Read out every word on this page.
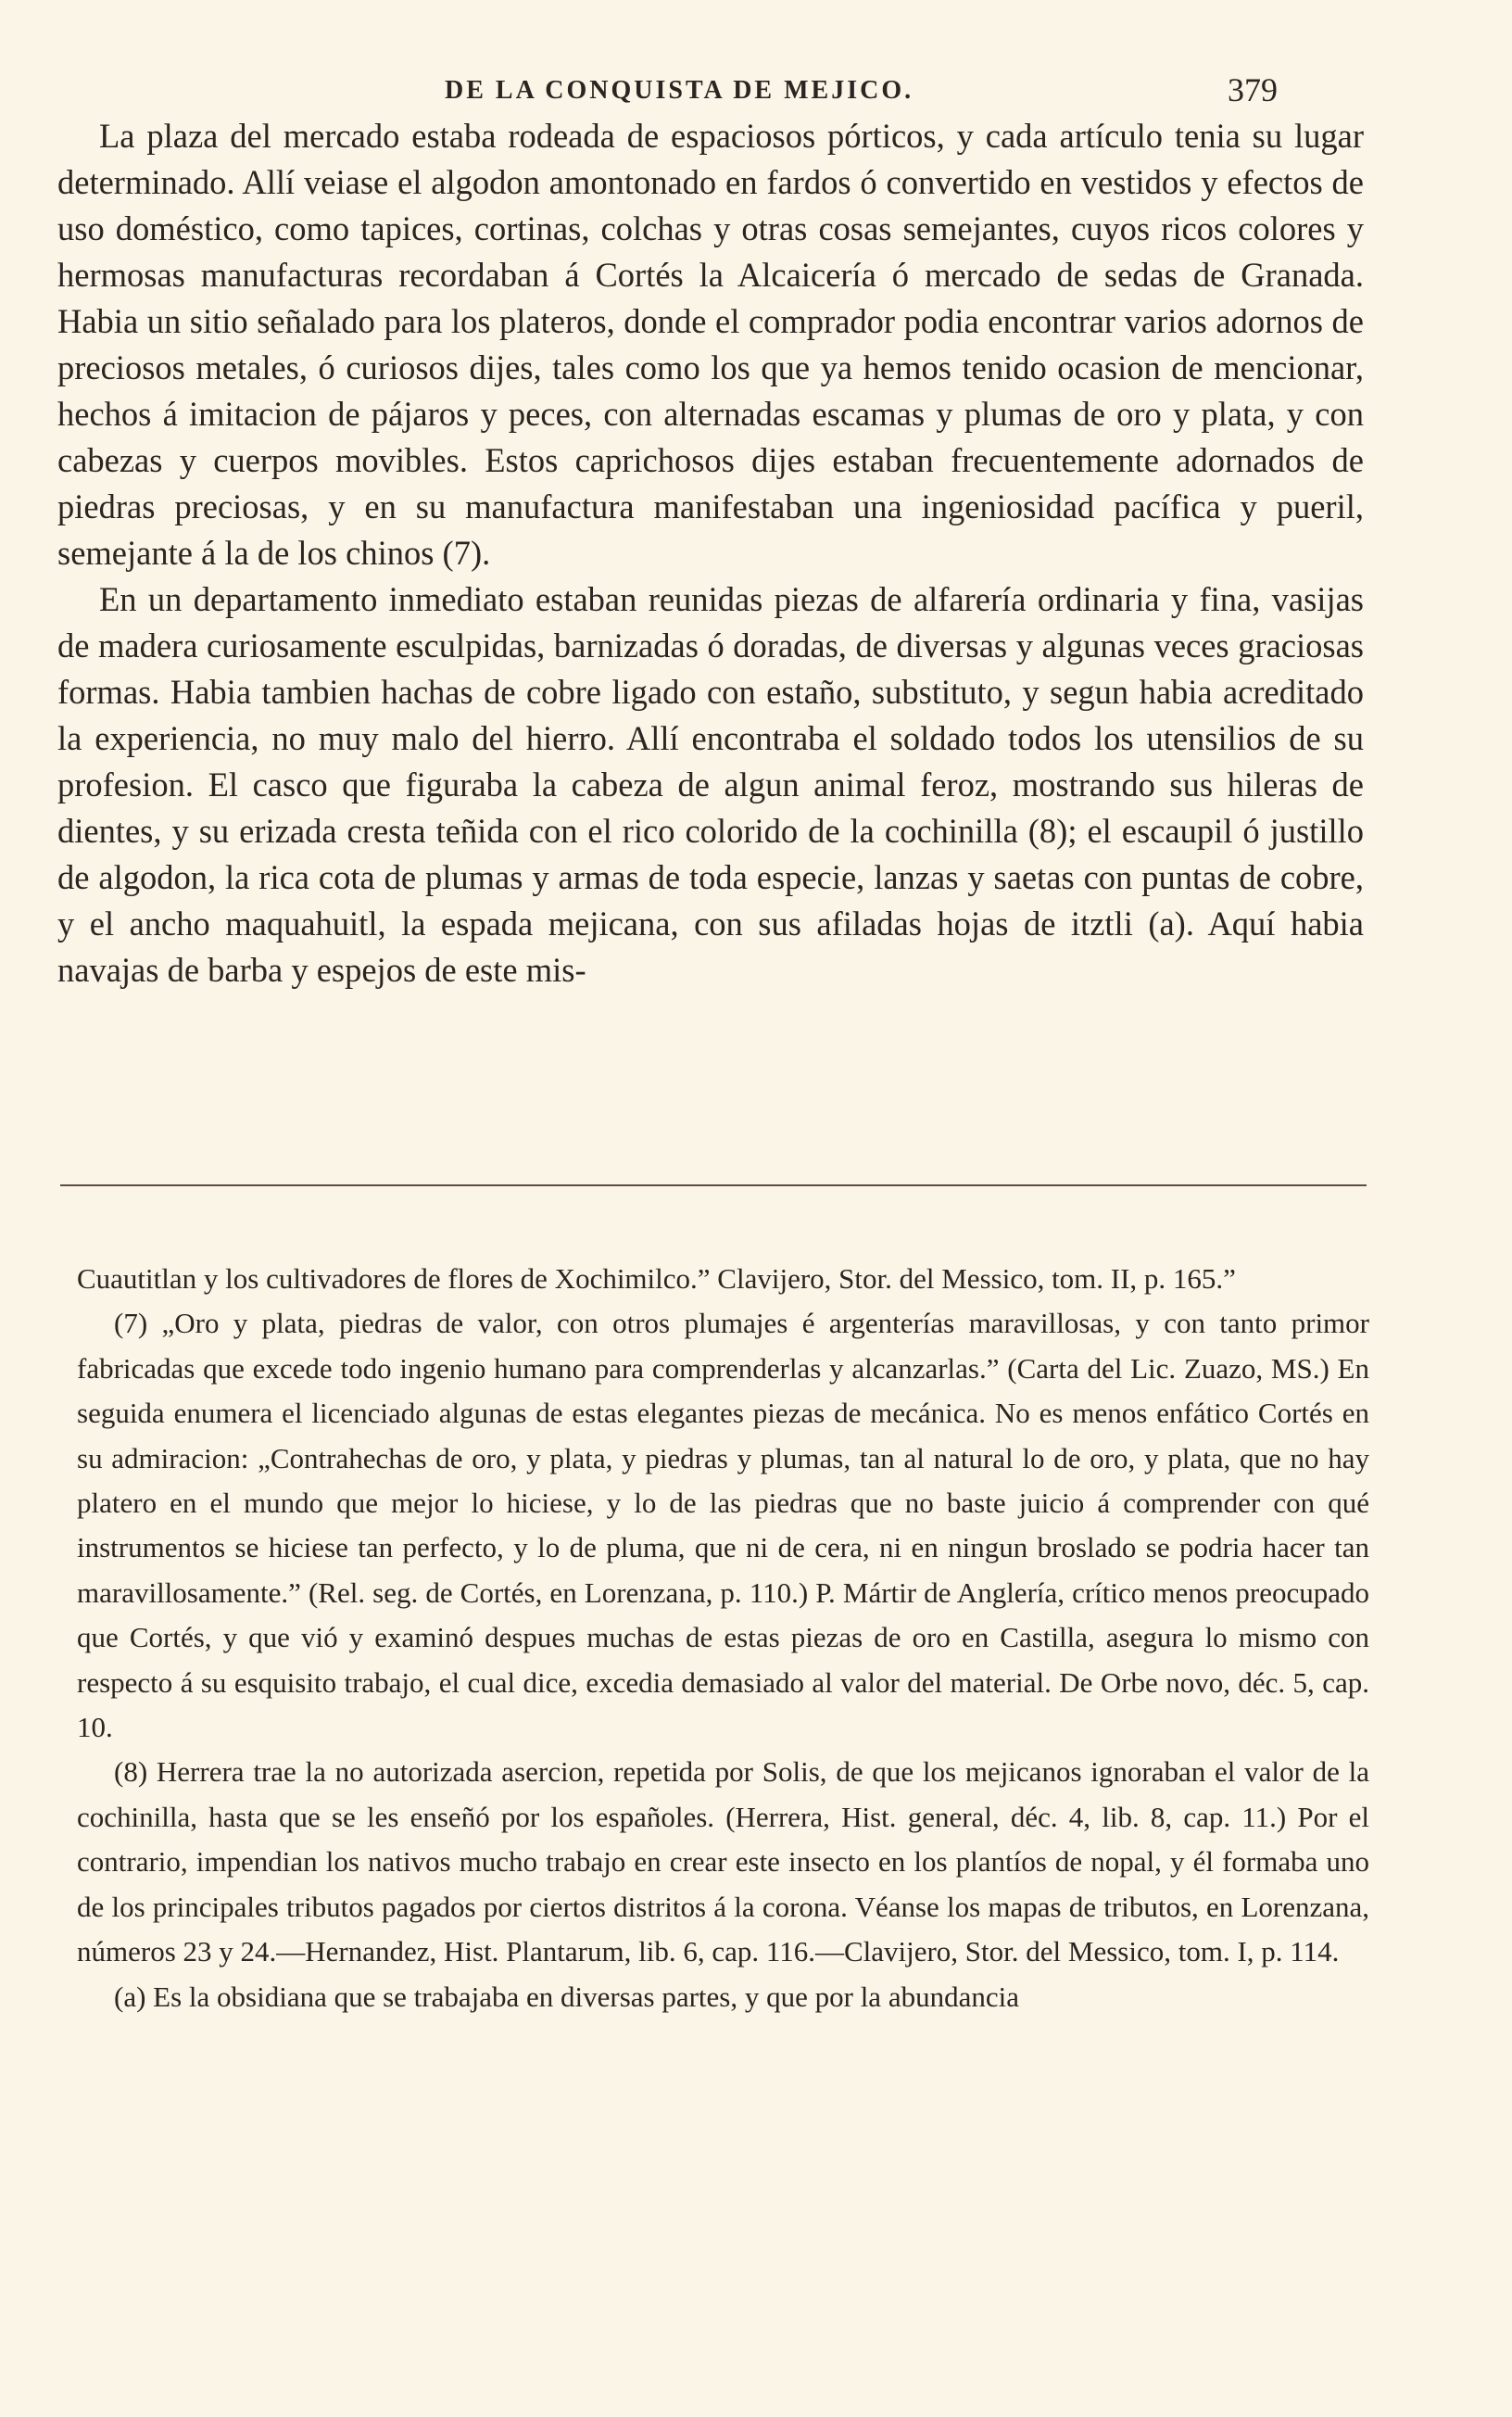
DE LA CONQUISTA DE MEJICO.	379

La plaza del mercado estaba rodeada de espaciosos pórticos, y cada artículo tenia su lugar determinado. Allí veiase el algodon amontonado en fardos ó convertido en vestidos y efectos de uso doméstico, como tapices, cortinas, colchas y otras cosas semejantes, cuyos ricos colores y hermosas manufacturas recordaban á Cortés la Alcaicería ó mercado de sedas de Granada. Habia un sitio señalado para los plateros, donde el comprador podia encontrar varios adornos de preciosos metales, ó curiosos dijes, tales como los que ya hemos tenido ocasion de mencionar, hechos á imitacion de pájaros y peces, con alternadas escamas y plumas de oro y plata, y con cabezas y cuerpos movibles. Estos caprichosos dijes estaban frecuentemente adornados de piedras preciosas, y en su manufactura manifestaban una ingeniosidad pacífica y pueril, semejante á la de los chinos (7).

En un departamento inmediato estaban reunidas piezas de alfarería ordinaria y fina, vasijas de madera curiosamente esculpidas, barnizadas ó doradas, de diversas y algunas veces graciosas formas. Habia tambien hachas de cobre ligado con estaño, substituto, y segun habia acreditado la experiencia, no muy malo del hierro. Allí encontraba el soldado todos los utensilios de su profesion. El casco que figuraba la cabeza de algun animal feroz, mostrando sus hileras de dientes, y su erizada cresta teñida con el rico colorido de la cochinilla (8); el escaupil ó justillo de algodon, la rica cota de plumas y armas de toda especie, lanzas y saetas con puntas de cobre, y el ancho maquahuitl, la espada mejicana, con sus afiladas hojas de itztli (a). Aquí habia navajas de barba y espejos de este mis-

Cuautitlan y los cultivadores de flores de Xochimilco.” Clavijero, Stor. del Messico, tom. II, p. 165.”

(7) „Oro y plata, piedras de valor, con otros plumajes é argenterías maravillosas, y con tanto primor fabricadas que excede todo ingenio humano para comprenderlas y alcanzarlas.” (Carta del Lic. Zuazo, MS.) En seguida enumera el licenciado algunas de estas elegantes piezas de mecánica. No es menos enfático Cortés en su admiracion: „Contrahechas de oro, y plata, y piedras y plumas, tan al natural lo de oro, y plata, que no hay platero en el mundo que mejor lo hiciese, y lo de las piedras que no baste juicio á comprender con qué instrumentos se hiciese tan perfecto, y lo de pluma, que ni de cera, ni en ningun broslado se podria hacer tan maravillosamente.” (Rel. seg. de Cortés, en Lorenzana, p. 110.) P. Mártir de Anglería, crítico menos preocupado que Cortés, y que vió y examinó despues muchas de estas piezas de oro en Castilla, asegura lo mismo con respecto á su esquisito trabajo, el cual dice, excedia demasiado al valor del material. De Orbe novo, déc. 5, cap. 10.

(8) Herrera trae la no autorizada asercion, repetida por Solis, de que los mejicanos ignoraban el valor de la cochinilla, hasta que se les enseñó por los españoles. (Herrera, Hist. general, déc. 4, lib. 8, cap. 11.) Por el contrario, impendian los nativos mucho trabajo en crear este insecto en los plantíos de nopal, y él formaba uno de los principales tributos pagados por ciertos distritos á la corona. Véanse los mapas de tributos, en Lorenzana, números 23 y 24.—Hernandez, Hist. Plantarum, lib. 6, cap. 116.—Clavijero, Stor. del Messico, tom. I, p. 114.

(a) Es la obsidiana que se trabajaba en diversas partes, y que por la abundancia
